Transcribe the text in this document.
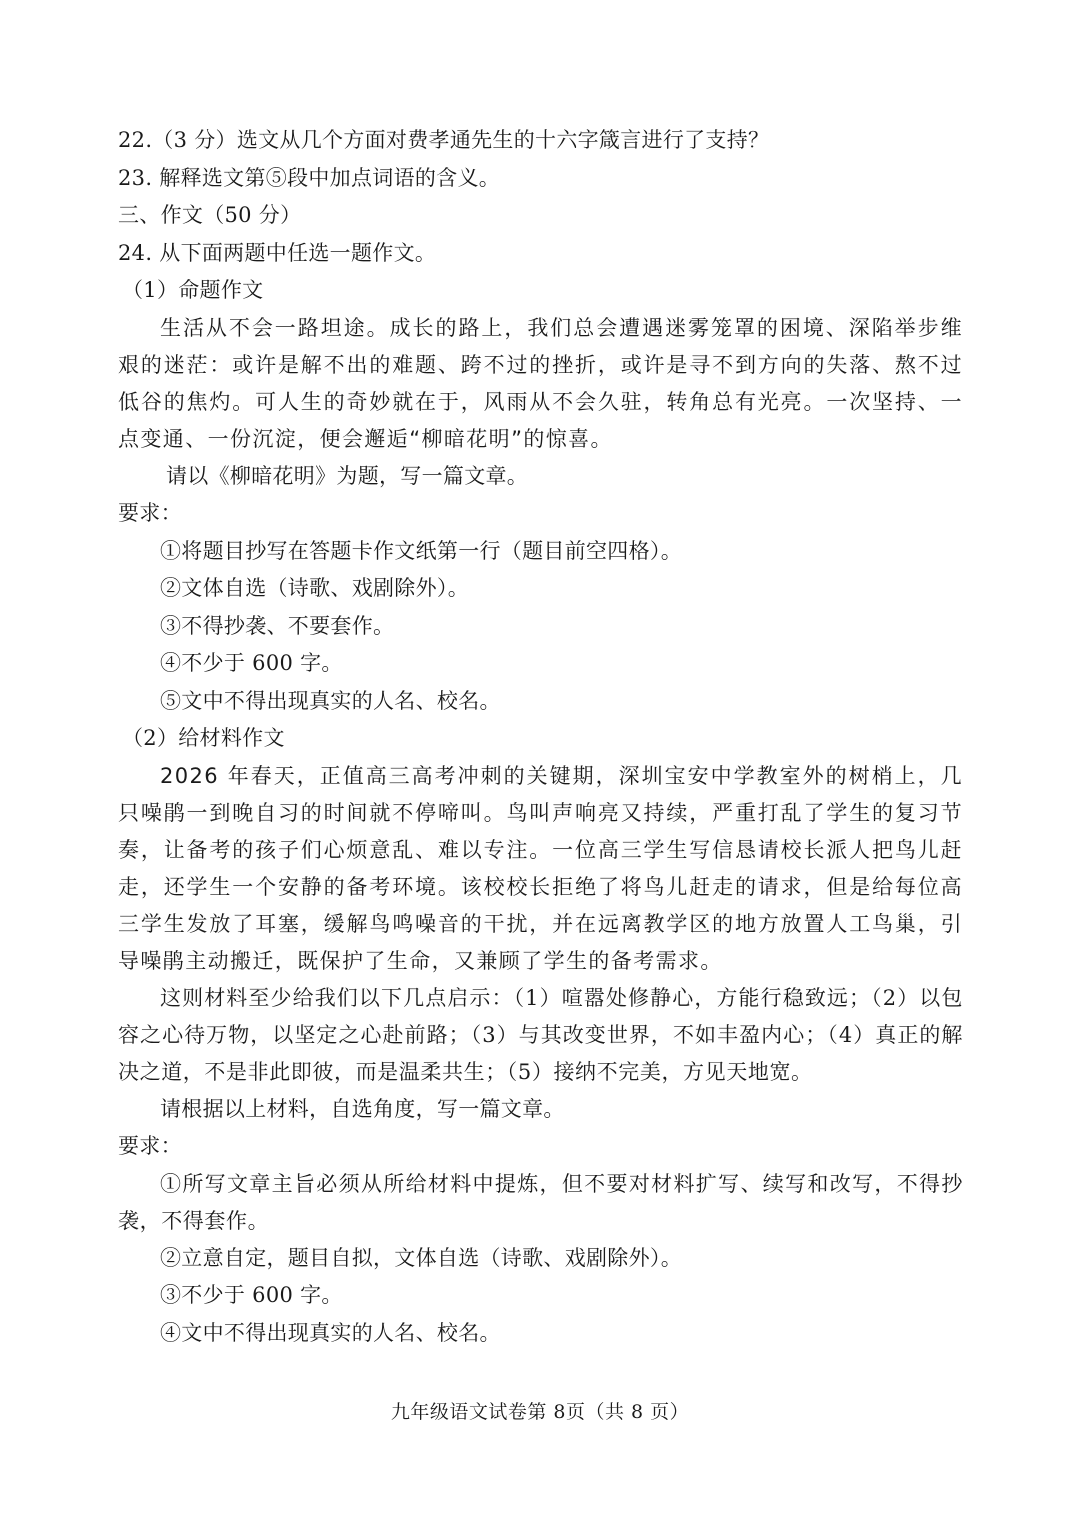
22.（3 分）选文从几个方面对费孝通先生的十六字箴言进行了支持？
23. 解释选文第⑤段中加点词语的含义。
三、作文（50 分）
24. 从下面两题中任选一题作文。
（1）命题作文

生活从不会一路坦途。成长的路上，我们总会遭遇迷雾笼罩的困境、深陷举步维艰的迷茫：或许是解不出的难题、跨不过的挫折，或许是寻不到方向的失落、熬不过低谷的焦灼。可人生的奇妙就在于，风雨从不会久驻，转角总有光亮。一次坚持、一点变通、一份沉淀，便会邂逅“柳暗花明”的惊喜。

请以《柳暗花明》为题，写一篇文章。
要求：
①将题目抄写在答题卡作文纸第一行（题目前空四格）。
②文体自选（诗歌、戏剧除外）。
③不得抄袭、不要套作。
④不少于 600 字。
⑤文中不得出现真实的人名、校名。
（2）给材料作文

2026 年春天，正值高三高考冲刺的关键期，深圳宝安中学教室外的树梢上，几只噪鹃一到晚自习的时间就不停啼叫。鸟叫声响亮又持续，严重打乱了学生的复习节奏，让备考的孩子们心烦意乱、难以专注。一位高三学生写信恳请校长派人把鸟儿赶走，还学生一个安静的备考环境。该校校长拒绝了将鸟儿赶走的请求，但是给每位高三学生发放了耳塞，缓解鸟鸣噪音的干扰，并在远离教学区的地方放置人工鸟巢，引导噪鹃主动搬迁，既保护了生命，又兼顾了学生的备考需求。

这则材料至少给我们以下几点启示：（1）喧嚣处修静心，方能行稳致远；（2）以包容之心待万物，以坚定之心赴前路；（3）与其改变世界，不如丰盈内心；（4）真正的解决之道，不是非此即彼，而是温柔共生；（5）接纳不完美，方见天地宽。

请根据以上材料，自选角度，写一篇文章。
要求：

①所写文章主旨必须从所给材料中提炼，但不要对材料扩写、续写和改写，不得抄袭，不得套作。

②立意自定，题目自拟，文体自选（诗歌、戏剧除外）。
③不少于 600 字。
④文中不得出现真实的人名、校名。
九年级语文试卷第 8页（共 8 页）
